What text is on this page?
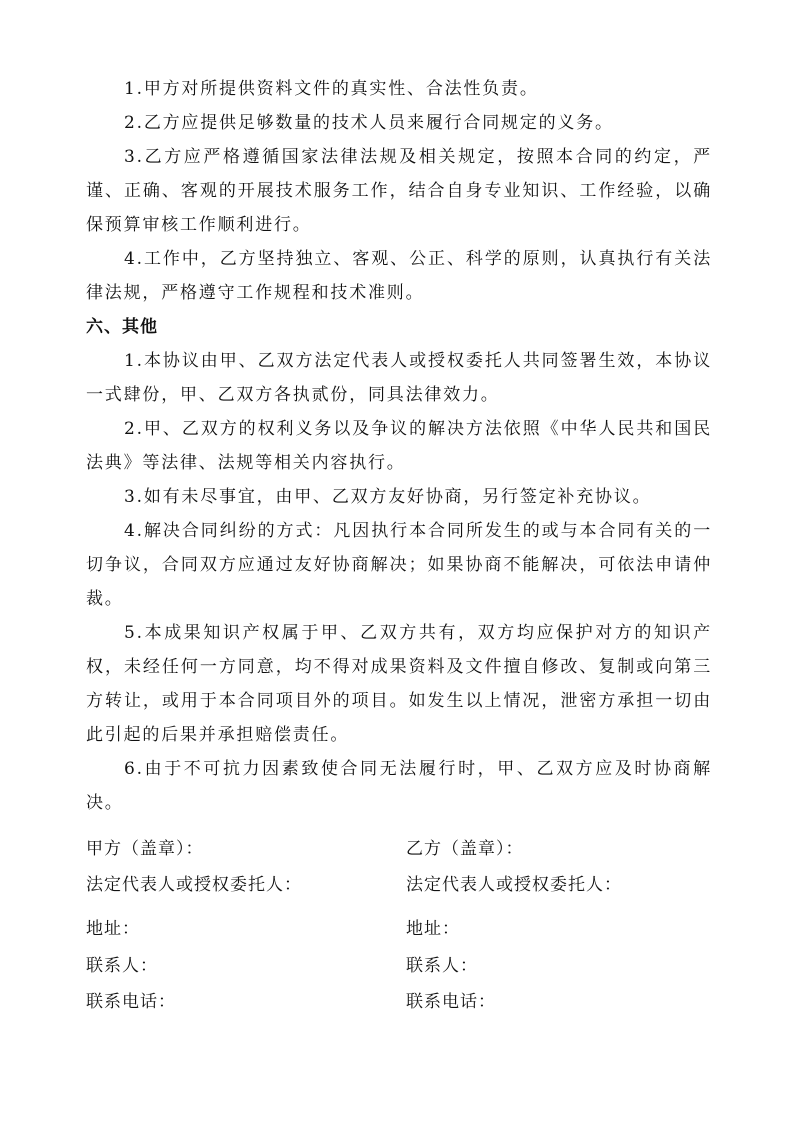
1.甲方对所提供资料文件的真实性、合法性负责。

2.乙方应提供足够数量的技术人员来履行合同规定的义务。

3.乙方应严格遵循国家法律法规及相关规定，按照本合同的约定，严谨、正确、客观的开展技术服务工作，结合自身专业知识、工作经验，以确保预算审核工作顺利进行。

4.工作中，乙方坚持独立、客观、公正、科学的原则，认真执行有关法律法规，严格遵守工作规程和技术准则。

六、其他

1.本协议由甲、乙双方法定代表人或授权委托人共同签署生效，本协议一式肆份，甲、乙双方各执贰份，同具法律效力。

2.甲、乙双方的权利义务以及争议的解决方法依照《中华人民共和国民法典》等法律、法规等相关内容执行。

3.如有未尽事宜，由甲、乙双方友好协商，另行签定补充协议。

4.解决合同纠纷的方式：凡因执行本合同所发生的或与本合同有关的一切争议，合同双方应通过友好协商解决；如果协商不能解决，可依法申请仲裁。

5.本成果知识产权属于甲、乙双方共有，双方均应保护对方的知识产权，未经任何一方同意，均不得对成果资料及文件擅自修改、复制或向第三方转让，或用于本合同项目外的项目。如发生以上情况，泄密方承担一切由此引起的后果并承担赔偿责任。

6.由于不可抗力因素致使合同无法履行时，甲、乙双方应及时协商解决。

甲方（盖章）：	乙方（盖章）：
法定代表人或授权委托人：	法定代表人或授权委托人：
地址：	地址：
联系人：	联系人：
联系电话：	联系电话：
